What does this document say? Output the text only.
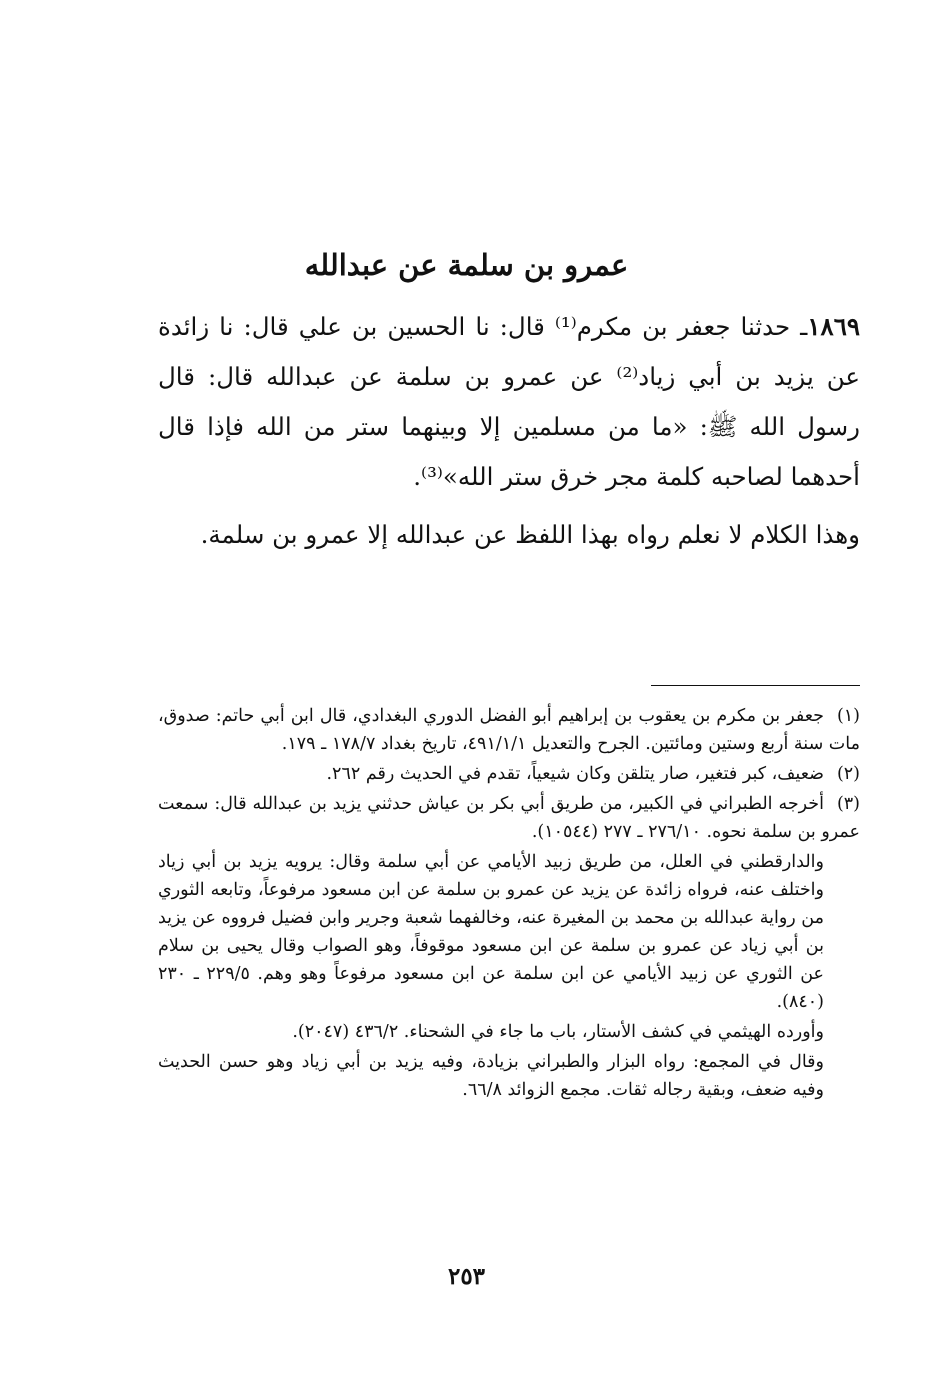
عمرو بن سلمة عن عبدالله

١٨٦٩ـ حدثنا جعفر بن مكرم⁽¹⁾ قال: نا الحسين بن علي قال: نا زائدة عن يزيد بن أبي زياد⁽²⁾ عن عمرو بن سلمة عن عبدالله قال: قال رسول الله ﷺ: «ما من مسلمين إلا وبينهما ستر من الله فإذا قال أحدهما لصاحبه كلمة مجر خرق ستر الله»⁽³⁾.

وهذا الكلام لا نعلم رواه بهذا اللفظ عن عبدالله إلا عمرو بن سلمة.

(١)جعفر بن مكرم بن يعقوب بن إبراهيم أبو الفضل الدوري البغدادي، قال ابن أبي حاتم: صدوق، مات سنة أربع وستين ومائتين. الجرح والتعديل ٤٩١/١/١، تاريخ بغداد ١٧٨/٧ ـ ١٧٩.

(٢)ضعيف، كبر فتغير، صار يتلقن وكان شيعياً، تقدم في الحديث رقم ٢٦٢.

(٣)أخرجه الطبراني في الكبير، من طريق أبي بكر بن عياش حدثني يزيد بن عبدالله قال: سمعت عمرو بن سلمة نحوه. ٢٧٦/١٠ ـ ٢٧٧ (١٠٥٤٤).

والدارقطني في العلل، من طريق زبيد الأيامي عن أبي سلمة وقال: يرويه يزيد بن أبي زياد واختلف عنه، فرواه زائدة عن يزيد عن عمرو بن سلمة عن ابن مسعود مرفوعاً، وتابعه الثوري من رواية عبدالله بن محمد بن المغيرة عنه، وخالفهما شعبة وجرير وابن فضيل فرووه عن يزيد بن أبي زياد عن عمرو بن سلمة عن ابن مسعود موقوفاً، وهو الصواب وقال يحيى بن سلام عن الثوري عن زبيد الأيامي عن ابن سلمة عن ابن مسعود مرفوعاً وهو وهم. ٢٢٩/٥ ـ ٢٣٠ (٨٤٠).

وأورده الهيثمي في كشف الأستار، باب ما جاء في الشحناء. ٤٣٦/٢ (٢٠٤٧).

وقال في المجمع: رواه البزار والطبراني بزيادة، وفيه يزيد بن أبي زياد وهو حسن الحديث وفيه ضعف، وبقية رجاله ثقات. مجمع الزوائد ٦٦/٨.

٢٥٣
